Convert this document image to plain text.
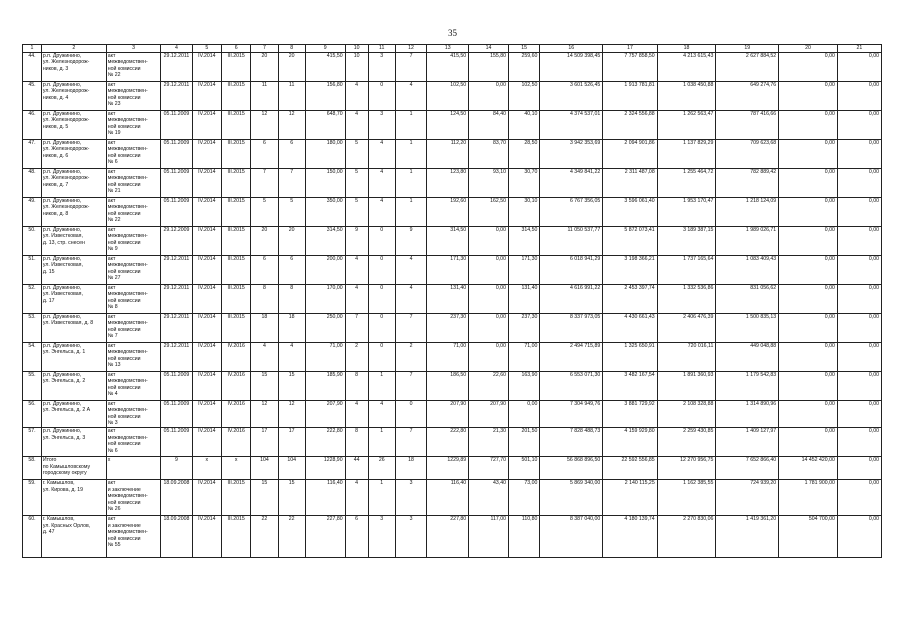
35
1	2	3	4	5	6	7	8	9	10	11	12	13	14	15	16	17	18	19	20	21
44.	р.п. Дружинино,
ул. Железнодорож-
ников, д. 3	акт
межведомствен-
ной комиссии
№ 22	29.12.2011	IV.2014	III.2015	20	20	415,50	10	3	7	415,50	155,80	259,60	14 509 398,45	7 757 858,50	4 213 615,43	2 627 884,52	0,00	0,00
45.	р.п. Дружинино,
ул. Железнодорож-
ников, д. 4	акт
межведомствен-
ной комиссии
№ 23	29.12.2011	IV.2014	III.2015	11	11	156,80	4	0	4	102,50	0,00	102,50	3 601 526,45	1 913 781,81	1 038 450,88	649 274,76	0,00	0,00
46.	р.п. Дружинино,
ул. Железнодорож-
ников, д. 5	акт
межведомствен-
ной комиссии
№ 19	05.11.2009	IV.2014	III.2015	12	12	648,70	4	3	1	124,50	84,40	40,10	4 374 537,01	2 324 556,88	1 262 563,47	787 416,66	0,00	0,00
47.	р.п. Дружинино,
ул. Железнодорож-
ников, д. 6	акт
межведомствен-
ной комиссии
№ 6	05.11.2009	IV.2014	III.2015	6	6	180,00	5	4	1	112,20	83,70	28,50	3 942 353,69	2 094 901,86	1 137 829,29	709 623,68	0,00	0,00
48.	р.п. Дружинино,
ул. Железнодорож-
ников, д. 7	акт
межведомствен-
ной комиссии
№ 21	05.11.2009	IV.2014	III.2015	7	7	150,00	5	4	1	123,80	93,10	30,70	4 349 841,22	2 311 487,08	1 255 464,72	782 889,42	0,00	0,00
49.	р.п. Дружинино,
ул. Железнодорож-
ников, д. 8	акт
межведомствен-
ной комиссии
№ 22	05.11.2009	IV.2014	III.2015	5	5	350,00	5	4	1	192,60	162,50	30,10	6 767 356,05	3 596 061,40	1 953 170,47	1 218 124,09	0,00	0,00
50.	р.п. Дружинино,
ул. Известковая,
д. 13, стр. снесен	акт
межведомствен-
ной комиссии
№ 9	29.12.2009	IV.2014	III.2015	20	20	314,50	9	0	9	314,50	0,00	314,50	11 050 537,77	5 872 073,41	3 189 387,15	1 989 026,71	0,00	0,00
51.	р.п. Дружинино,
ул. Известковая,
д. 15	акт
межведомствен-
ной комиссии
№ 27	29.12.2011	IV.2014	III.2015	6	6	200,00	4	0	4	171,30	0,00	171,30	6 018 941,29	3 198 366,21	1 737 165,64	1 083 409,43	0,00	0,00
52.	р.п. Дружинино,
ул. Известковая,
д. 17	акт
межведомствен-
ной комиссии
№ 8	29.12.2011	IV.2014	III.2015	8	8	170,00	4	0	4	131,40	0,00	131,40	4 616 991,22	2 453 397,74	1 332 536,86	831 056,62	0,00	0,00
53.	р.п. Дружинино,
ул. Известковая, д. 8	акт
межведомствен-
ной комиссии
№ 7	29.12.2011	IV.2014	III.2015	18	18	250,00	7	0	7	237,30	0,00	237,30	8 337 973,05	4 430 661,43	2 406 476,39	1 500 835,13	0,00	0,00
54.	р.п. Дружинино,
ул. Энгельса, д. 1	акт
межведомствен-
ной комиссии
№ 13	29.12.2011	IV.2014	IV.2016	4	4	71,00	2	0	2	71,00	0,00	71,00	2 494 715,89	1 325 650,91	720 016,11	449 048,88	0,00	0,00
55.	р.п. Дружинино,
ул. Энгельса, д. 2	акт
межведомствен-
ной комиссии
№ 4	05.11.2009	IV.2014	IV.2016	15	15	185,90	8	1	7	186,50	22,60	163,90	6 553 071,30	3 482 167,54	1 891 360,93	1 179 542,83	0,00	0,00
56.	р.п. Дружинино,
ул. Энгельса, д. 2 А	акт
межведомствен-
ной комиссии
№ 3	05.11.2009	IV.2014	IV.2016	12	12	207,90	4	4	0	207,90	207,90	0,00	7 304 949,76	3 881 729,92	2 108 328,88	1 314 890,96	0,00	0,00
57.	р.п. Дружинино,
ул. Энгельса, д. 3	акт
межведомствен-
ной комиссии
№ 6	05.11.2009	IV.2014	IV.2016	17	17	222,80	8	1	7	222,80	21,30	201,50	7 828 488,73	4 159 929,80	2 259 430,85	1 409 127,97	0,00	0,00
58.	Итого
по Камышловскому
городскому округу	х	9	х	х	104	104	1228,90	44	26	18	1229,89	727,70	501,10	56 868 896,50	22 592 556,85	12 270 956,75	7 652 866,40	14 452 420,00	0,00
59.	г. Камышлов,
ул. Кирова, д. 19	акт
и заключение
межведомствен-
ной комиссии
№ 26	18.09.2008	IV.2014	III.2015	15	15	116,40	4	1	3	116,40	43,40	73,00	5 869 340,00	2 140 115,25	1 162 385,55	724 939,20	1 781 900,00	0,00
60.	г. Камышлов,
ул. Красных Орлов,
д. 47	акт
и заключение
межведомствен-
ной комиссии
№ 55	18.09.2008	IV.2014	III.2015	22	22	227,80	6	3	3	227,80	117,00	110,80	8 387 040,00	4 180 139,74	2 270 830,06	1 419 361,20	504 700,00	0,00
